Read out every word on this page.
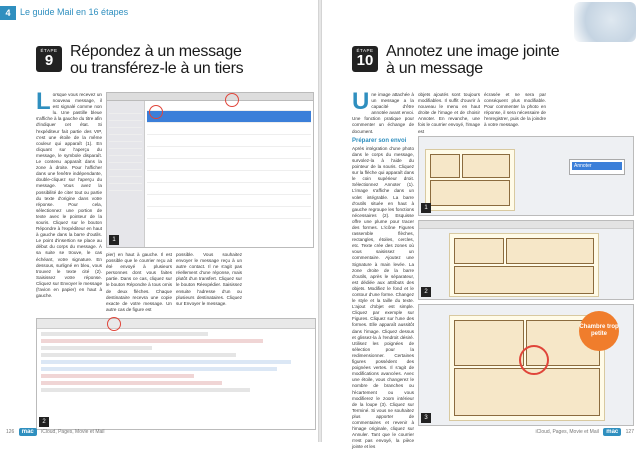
4	Le guide Mail en 16 étapes
ÉTAPE
9
Répondez à un message
ou transférez-le à un tiers
L orsque vous recevez un nouveau message, il est signalé comme non lu. Une pastille bleue s'affiche à la gauche du titre afin d'indiquer cet état. Si l'expéditeur fait partie des VIP, c'est une étoile de la même couleur qui apparaît (1). En cliquant sur l'aperçu du message, le symbole disparaît. Le contenu apparaît dans la zone à droite. Pour l'afficher dans une fenêtre indépendante, double-cliquez sur l'aperçu du message. Vous avez la possibilité de citer tout ou partie du texte d'origine dans votre réponse. Pour cela, sélectionnez une portion de texte avec le pointeur de la souris. Cliquez sur le bouton Répondre à l'expéditeur en haut à gauche dans la barre d'outils. Le point d'insertion se place au début du corps du message. À sa suite se trouve, le cas échéant, votre signature. En dessous, surligné en bleu, vous trouvez le texte cité (2). Saisissez votre réponse. Cliquez sur Envoyer le message (l'avion en papier) en haut à gauche.
1
pier) en haut à gauche. Il est possible que le courrier reçu ait été envoyé à plusieurs personnes dont vous faites partie. Dans ce cas, cliquez sur le bouton Répondre à tous omis de deux flèches. Chaque destinataire recevra une copie exacte de votre message. Un autre cas de figure est
possible. Vous souhaitez envoyer le message reçu à un autre contact. Il ne s'agit pas réellement d'une réponse, mais plutôt d'un transfert. Cliquez sur le bouton Réexpédier. Saisissez ensuite l'adresse d'un ou plusieurs destinataires. Cliquez sur Envoyer le message.
2
126 mac iCloud, Pages, Movie et Mail
ÉTAPE
10
Annotez une image jointe
à un message
U ne image attachée à un message a la capacité d'être annotée avant envoi. Une fonction pratique pour commenter un échange de document.
Préparer son envoi
Après intégration d'une photo dans le corps du message, survolez-la à l'aide du pointeur de la souris. Cliquez sur la flèche qui apparaît dans le coin supérieur droit. Sélectionnez Annoter (1). L'image s'affiche dans un volet intégrable. La barre d'outils située en haut à gauche regroupe les fonctions nécessaires (2). Esquisse offre une plume pour tracer des formes. L'icône Figures rassemble flèches, rectangles, étoiles, cercles, etc. Texte crée des zones où vous saisissez un commentaire. Ajoutez une Signature à main levée. La zone droite de la barre d'outils, après le séparateur, est dédiée aux attributs des objets. Modifiez le fond et le contour d'une forme. Changez le style et la taille du texte. L'ajout d'objet est simple. Cliquez par exemple sur Figures. Cliquez sur l'une des formes. Elle apparaît aussitôt dans l'image. Cliquez dessus et glissez-la à l'endroit désiré. Utilisez les poignées de sélection pour la redimensionner. Certaines figures possèdent des poignées vertes. Il s'agit de modifications avancées. Avec une étoile, vous changerez le nombre de branches ou l'écartement ou vous modifierez le zoom intérieur de la loupe (3). Cliquez sur Terminé. Si vous ne souhaitez plus apporter de commentaires et revenir à l'image originale, cliquez sur Annuler. Tant que le courrier n'est pas envoyé, la pièce jointe et les
objets ajoutés sont toujours modifiables. Il suffit d'ouvrir à nouveau le menu en haut droite de l'image et de choisir Annoter. En revanche, une fois le courrier envoyé, l'image est
écrasée et ne sera par conséquent plus modifiable. Pour commenter la photo en réponse, il sera nécessaire de l'enregistrer, puis de la joindre à votre message.
Annoter
1
2
Chambre trop petite
3
iCloud, Pages, Movie et Mail mac 127
